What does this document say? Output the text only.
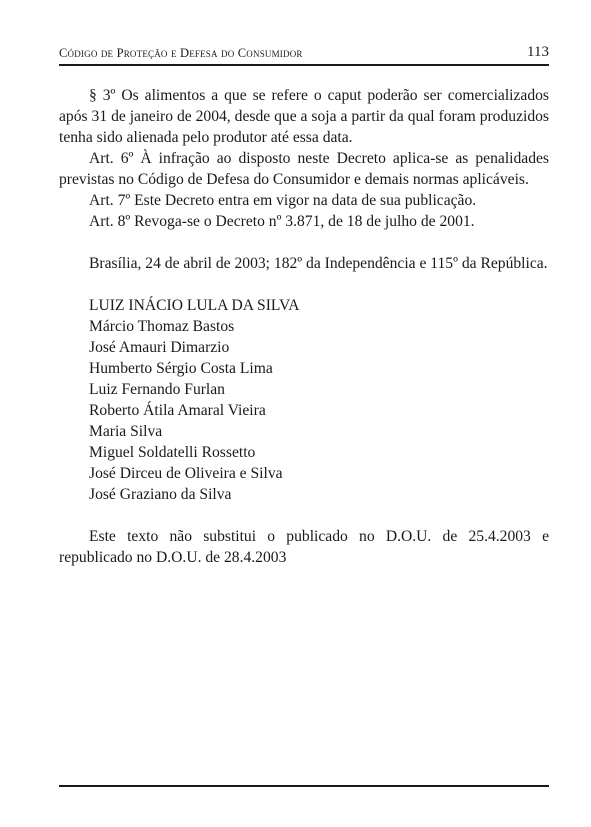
Código de Proteção e Defesa do Consumidor	113

§ 3º Os alimentos a que se refere o caput poderão ser comercializados após 31 de janeiro de 2004, desde que a soja a partir da qual foram produzidos tenha sido alienada pelo produtor até essa data.

Art. 6º À infração ao disposto neste Decreto aplica-se as penalidades previstas no Código de Defesa do Consumidor e demais normas aplicáveis.

Art. 7º Este Decreto entra em vigor na data de sua publicação.

Art. 8º Revoga-se o Decreto nº 3.871, de 18 de julho de 2001.

Brasília, 24 de abril de 2003; 182º da Independência e 115º da República.

LUIZ INÁCIO LULA DA SILVA
Márcio Thomaz Bastos
José Amauri Dimarzio
Humberto Sérgio Costa Lima
Luiz Fernando Furlan
Roberto Átila Amaral Vieira
Maria Silva
Miguel Soldatelli Rossetto
José Dirceu de Oliveira e Silva
José Graziano da Silva

Este texto não substitui o publicado no D.O.U. de 25.4.2003 e republicado no D.O.U. de 28.4.2003
